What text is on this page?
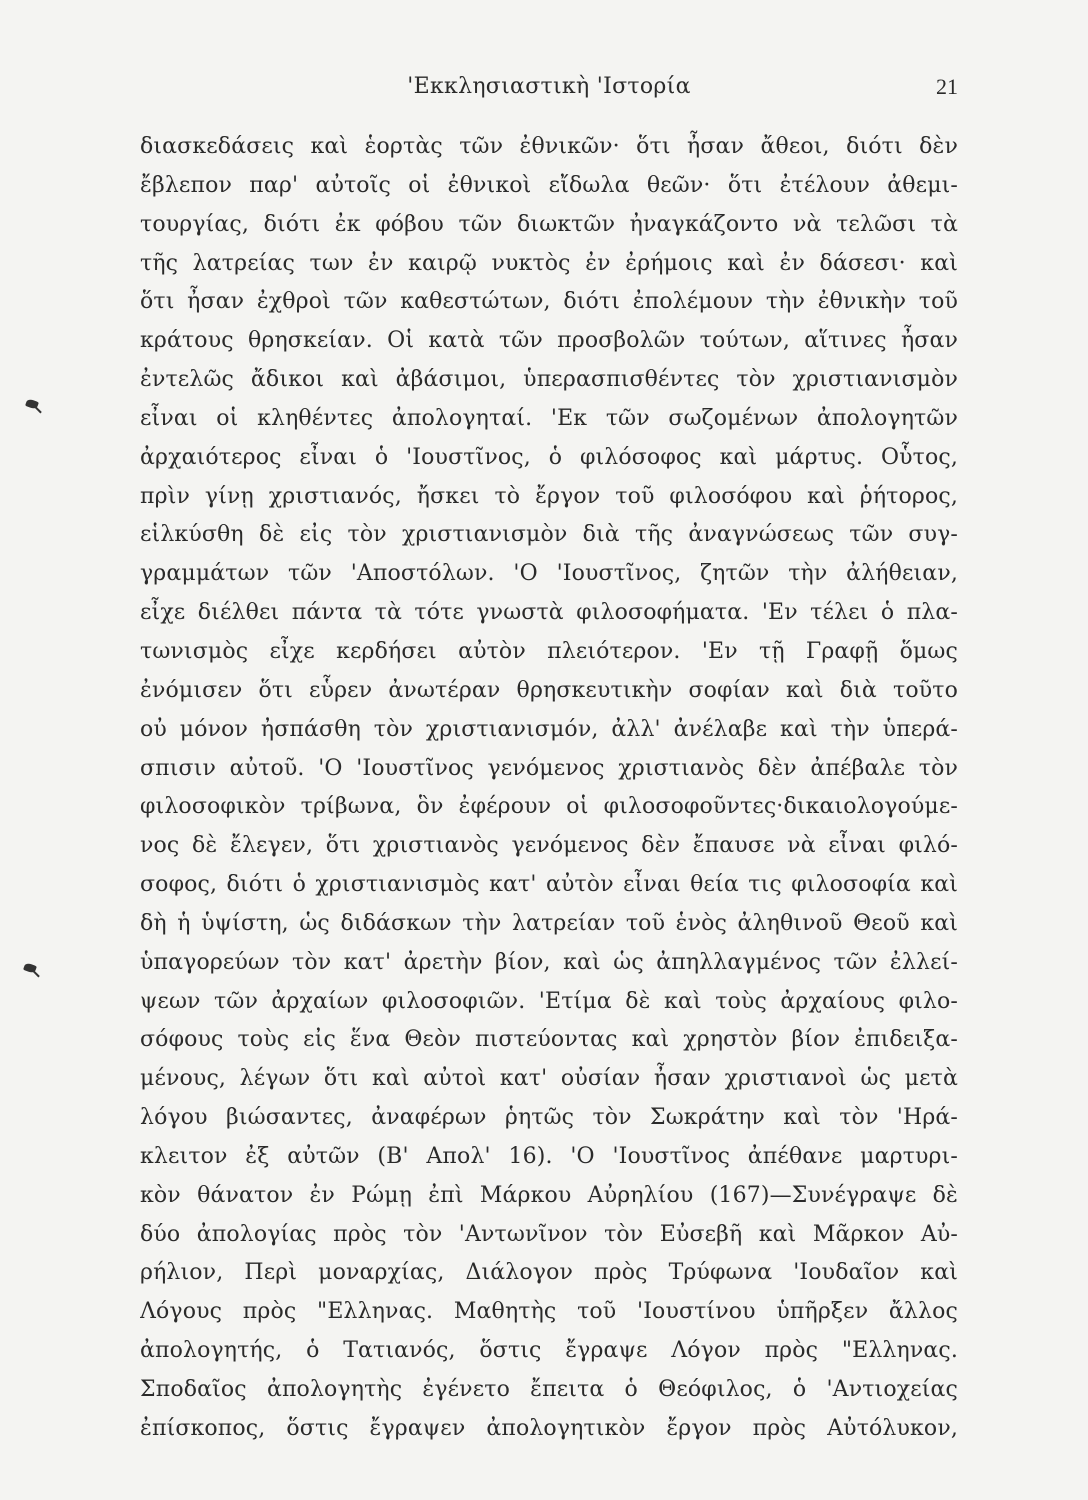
'Εκκλησιαστικὴ 'Ιστορία	21
διασκεδάσεις καὶ ἑορτὰς τῶν ἐθνικῶν· ὅτι ἦσαν ἄθεοι, διότι δὲν
ἔβλεπον παρ' αὐτοῖς οἱ ἐθνικοὶ εἴδωλα θεῶν· ὅτι ἐτέλουν ἀθεμι-
τουργίας, διότι ἐκ φόβου τῶν διωκτῶν ἠναγκάζοντο νὰ τελῶσι τὰ
τῆς λατρείας των ἐν καιρῷ νυκτὸς ἐν ἐρήμοις καὶ ἐν δάσεσι· καὶ
ὅτι ἦσαν ἐχθροὶ τῶν καθεστώτων, διότι ἐπολέμουν τὴν ἐθνικὴν τοῦ
κράτους θρησκείαν. Οἱ κατὰ τῶν προσβολῶν τούτων, αἵτινες ἦσαν
ἐντελῶς ἄδικοι καὶ ἀβάσιμοι, ὑπερασπισθέντες τὸν χριστιανισμὸν
εἶναι οἱ κληθέντες ἀπολογηταί. 'Εκ τῶν σωζομένων ἀπολογητῶν
ἀρχαιότερος εἶναι ὁ 'Ιουστῖνος, ὁ φιλόσοφος καὶ μάρτυς. Οὗτος,
πρὶν γίνῃ χριστιανός, ἤσκει τὸ ἔργον τοῦ φιλοσόφου καὶ ῥήτορος,
εἱλκύσθη δὲ εἰς τὸν χριστιανισμὸν διὰ τῆς ἀναγνώσεως τῶν συγ-
γραμμάτων τῶν 'Αποστόλων. 'Ο 'Ιουστῖνος, ζητῶν τὴν ἀλήθειαν,
εἶχε διέλθει πάντα τὰ τότε γνωστὰ φιλοσοφήματα. 'Εν τέλει ὁ πλα-
τωνισμὸς εἶχε κερδήσει αὐτὸν πλειότερον. 'Εν τῇ Γραφῇ ὅμως
ἐνόμισεν ὅτι εὗρεν ἀνωτέραν θρησκευτικὴν σοφίαν καὶ διὰ τοῦτο
οὐ μόνον ἠσπάσθη τὸν χριστιανισμόν, ἀλλ' ἀνέλαβε καὶ τὴν ὑπερά-
σπισιν αὐτοῦ. 'Ο 'Ιουστῖνος γενόμενος χριστιανὸς δὲν ἀπέβαλε τὸν
φιλοσοφικὸν τρίβωνα, ὃν ἐφέρουν οἱ φιλοσοφοῦντες·δικαιολογούμε-
νος δὲ ἔλεγεν, ὅτι χριστιανὸς γενόμενος δὲν ἔπαυσε νὰ εἶναι φιλό-
σοφος, διότι ὁ χριστιανισμὸς κατ' αὐτὸν εἶναι θεία τις φιλοσοφία καὶ
δὴ ἡ ὑψίστη, ὡς διδάσκων τὴν λατρείαν τοῦ ἑνὸς ἀληθινοῦ Θεοῦ καὶ
ὑπαγορεύων τὸν κατ' ἀρετὴν βίον, καὶ ὡς ἀπηλλαγμένος τῶν ἐλλεί-
ψεων τῶν ἀρχαίων φιλοσοφιῶν. 'Ετίμα δὲ καὶ τοὺς ἀρχαίους φιλο-
σόφους τοὺς εἰς ἕνα Θεὸν πιστεύοντας καὶ χρηστὸν βίον ἐπιδειξα-
μένους, λέγων ὅτι καὶ αὐτοὶ κατ' οὐσίαν ἦσαν χριστιανοὶ ὡς μετὰ
λόγου βιώσαντες, ἀναφέρων ῥητῶς τὸν Σωκράτην καὶ τὸν 'Ηρά-
κλειτον ἐξ αὐτῶν (Β' Απολ' 16). 'Ο 'Ιουστῖνος ἀπέθανε μαρτυρι-
κὸν θάνατον ἐν Ρώμῃ ἐπὶ Μάρκου Αὐρηλίου (167)—Συνέγραψε δὲ
δύο ἀπολογίας πρὸς τὸν 'Αντωνῖνον τὸν Εὐσεβῆ καὶ Μᾶρκον Αὐ-
ρήλιον, Περὶ μοναρχίας, Διάλογον πρὸς Τρύφωνα 'Ιουδαῖον καὶ
Λόγους πρὸς "Ελληνας. Μαθητὴς τοῦ 'Ιουστίνου ὑπῆρξεν ἄλλος
ἀπολογητής, ὁ Τατιανός, ὅστις ἔγραψε Λόγον πρὸς "Ελληνας.
Σποδαῖος ἀπολογητὴς ἐγένετο ἔπειτα ὁ Θεόφιλος, ὁ 'Αντιοχείας
ἐπίσκοπος, ὅστις ἔγραψεν ἀπολογητικὸν ἔργον πρὸς Αὐτόλυκον,
